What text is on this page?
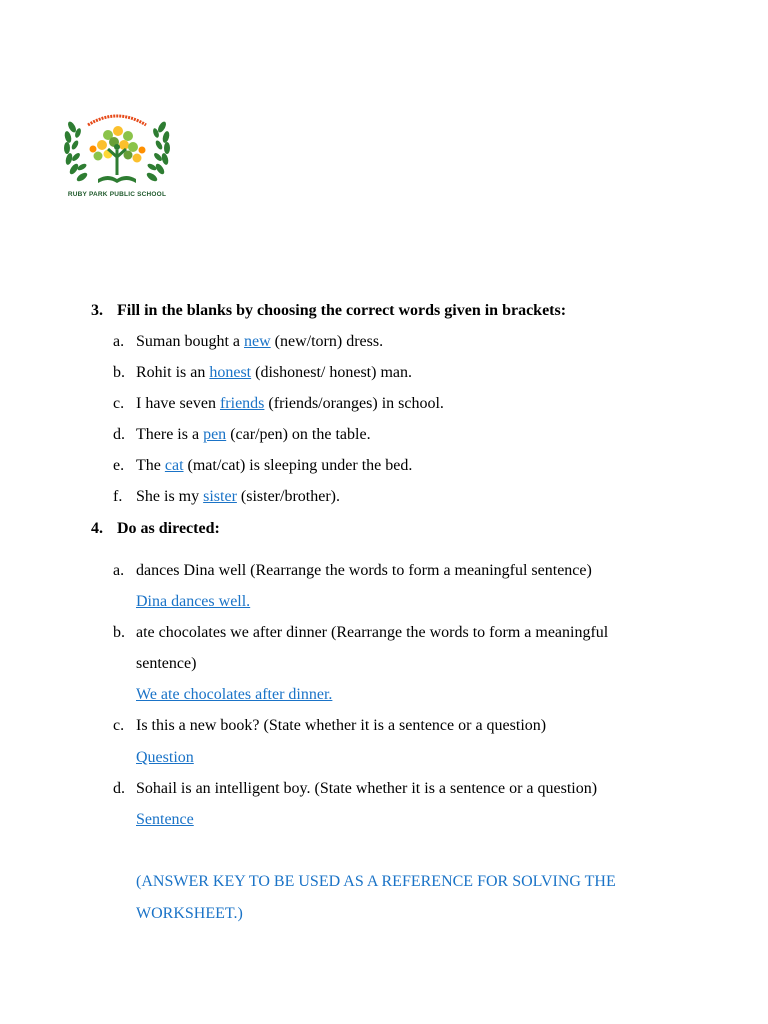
RUBY PARK PUBLIC SCHOOL
3. Fill in the blanks by choosing the correct words given in brackets:
a. Suman bought a new (new/torn) dress.
b. Rohit is an honest (dishonest/ honest) man.
c. I have seven friends (friends/oranges) in school.
d. There is a pen (car/pen) on the table.
e. The cat (mat/cat) is sleeping under the bed.
f. She is my sister (sister/brother).
4. Do as directed:
a. dances Dina well (Rearrange the words to form a meaningful sentence)
Dina dances well.
b. ate chocolates we after dinner (Rearrange the words to form a meaningful
sentence)
We ate chocolates after dinner.
c. Is this a new book? (State whether it is a sentence or a question)
Question
d. Sohail is an intelligent boy. (State whether it is a sentence or a question)
Sentence
(ANSWER KEY TO BE USED AS A REFERENCE FOR SOLVING THE
WORKSHEET.)
